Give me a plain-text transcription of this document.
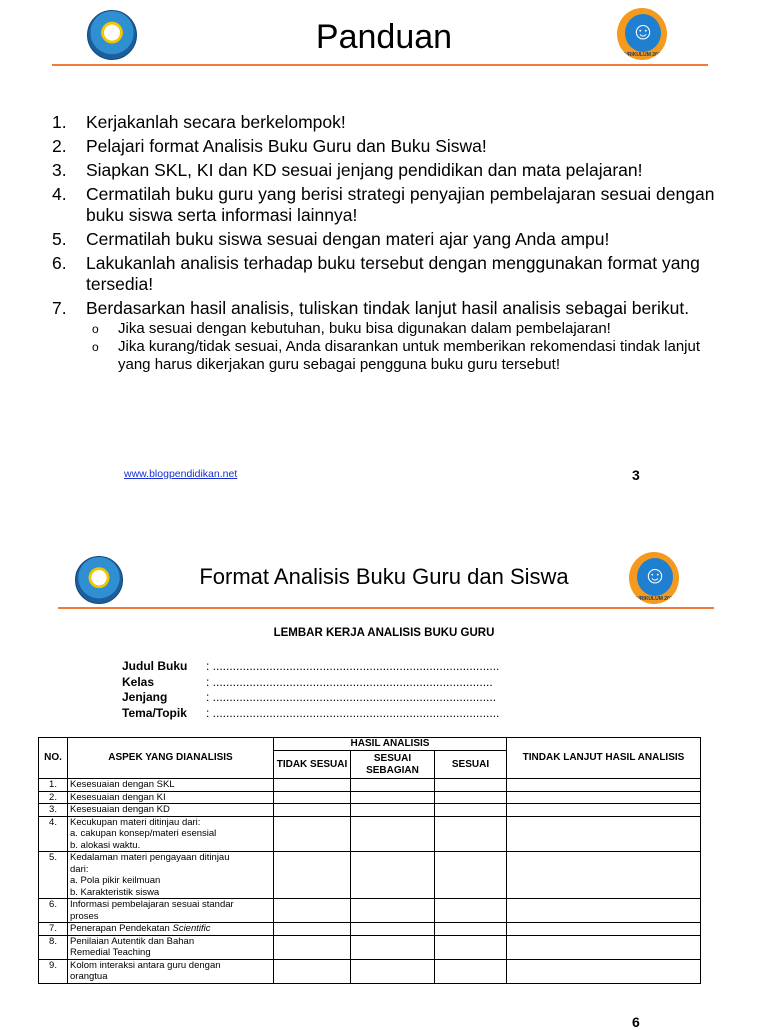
Panduan	☺
KURIKULUM 2013
1. Kerjakanlah secara berkelompok!
2. Pelajari format Analisis Buku Guru dan Buku Siswa!
3. Siapkan SKL, KI dan KD sesuai jenjang pendidikan dan mata pelajaran!
4. Cermatilah buku guru yang berisi strategi penyajian pembelajaran sesuai dengan buku siswa serta informasi lainnya!
5. Cermatilah buku siswa sesuai dengan materi ajar yang Anda ampu!
6. Lakukanlah analisis terhadap buku tersebut dengan menggunakan format yang tersedia!
7. Berdasarkan hasil analisis, tuliskan tindak lanjut hasil analisis sebagai berikut.
o Jika sesuai dengan kebutuhan, buku bisa digunakan dalam pembelajaran!
o Jika kurang/tidak sesuai, Anda disarankan untuk memberikan rekomendasi tindak lanjut yang harus dikerjakan guru sebagai pengguna buku guru tersebut!
www.blogpendidikan.net	3
Format Analisis Buku Guru dan Siswa	☺
KURIKULUM 2013
LEMBAR KERJA ANALISIS BUKU GURU
Judul Buku	: ......................................................................................
Kelas	: ....................................................................................
Jenjang	: .....................................................................................
Tema/Topik	: ......................................................................................
NO.	ASPEK YANG DIANALISIS	HASIL ANALISIS			TINDAK LANJUT HASIL ANALISIS
		TIDAK SESUAI	SESUAI SEBAGIAN	SESUAI	
1.	Kesesuaian dengan SKL				

2.	Kesesuaian dengan KI				

3.	Kesesuaian dengan KD				

4.	Kecukupan materi ditinjau dari:
a. cakupan konsep/materi esensial
b. alokasi waktu.				

5.	Kedalaman materi pengayaan ditinjau
dari:
a. Pola pikir keilmuan
b. Karakteristik siswa				

6.	Informasi pembelajaran sesuai standar
proses				

7.	Penerapan Pendekatan Scientific				

8.	Penilaian Autentik dan Bahan
Remedial Teaching				

9.	Kolom interaksi antara guru dengan
orangtua				

6
